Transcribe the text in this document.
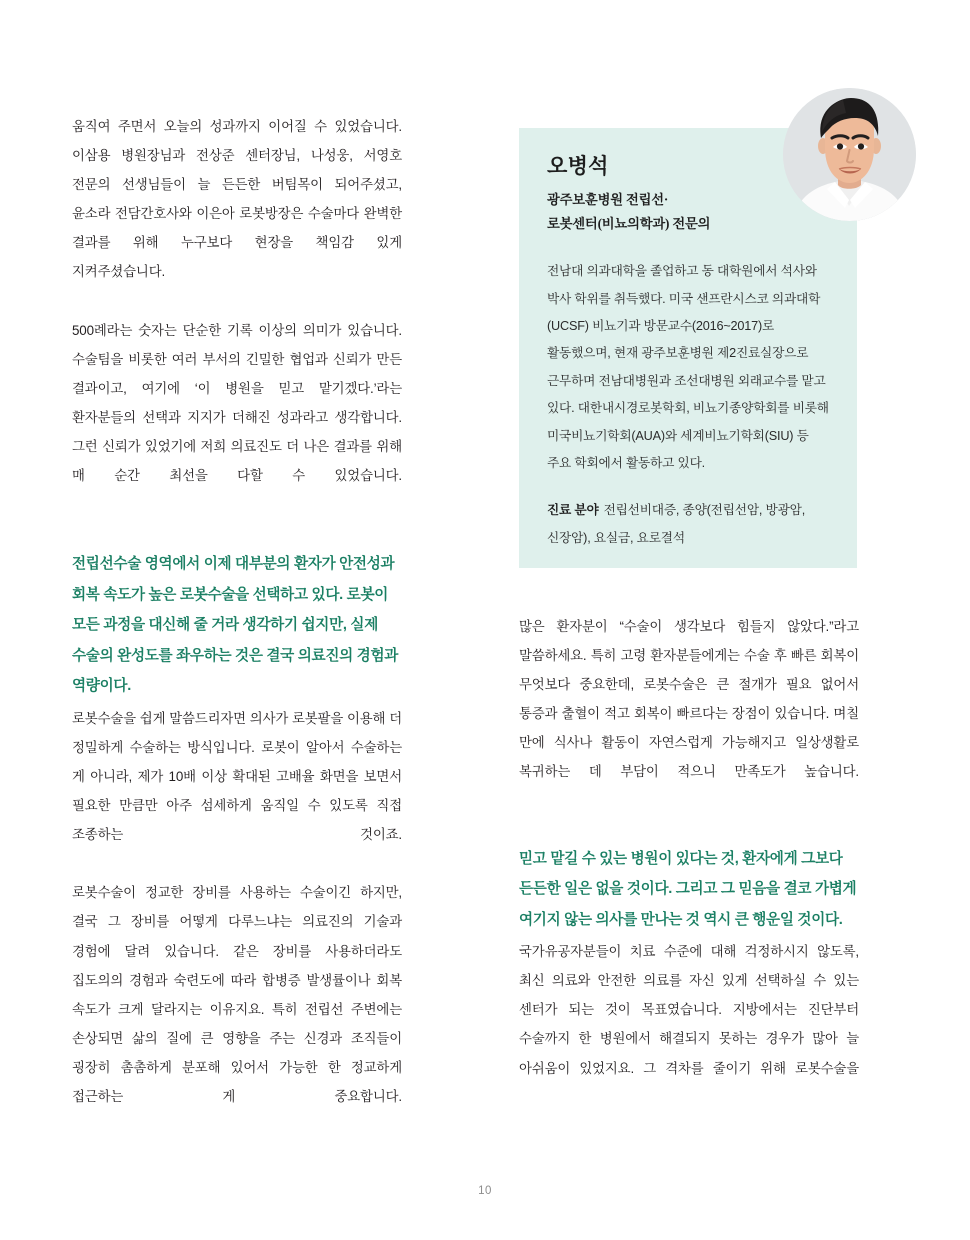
움직여 주면서 오늘의 성과까지 이어질 수 있었습니다. 이삼용 병원장님과 전상준 센터장님, 나성웅, 서영호 전문의 선생님들이 늘 든든한 버팀목이 되어주셨고, 윤소라 전담간호사와 이은아 로봇방장은 수술마다 완벽한 결과를 위해 누구보다 현장을 책임감 있게 지켜주셨습니다.

500례라는 숫자는 단순한 기록 이상의 의미가 있습니다. 수술팀을 비롯한 여러 부서의 긴밀한 협업과 신뢰가 만든 결과이고, 여기에 ‘이 병원을 믿고 맡기겠다.’라는 환자분들의 선택과 지지가 더해진 성과라고 생각합니다. 그런 신뢰가 있었기에 저희 의료진도 더 나은 결과를 위해 매 순간 최선을 다할 수 있었습니다.

전립선수술 영역에서 이제 대부분의 환자가 안전성과 회복 속도가 높은 로봇수술을 선택하고 있다. 로봇이 모든 과정을 대신해 줄 거라 생각하기 쉽지만, 실제 수술의 완성도를 좌우하는 것은 결국 의료진의 경험과 역량이다.

로봇수술을 쉽게 말씀드리자면 의사가 로봇팔을 이용해 더 정밀하게 수술하는 방식입니다. 로봇이 알아서 수술하는 게 아니라, 제가 10배 이상 확대된 고배율 화면을 보면서 필요한 만큼만 아주 섬세하게 움직일 수 있도록 직접 조종하는 것이죠.

로봇수술이 정교한 장비를 사용하는 수술이긴 하지만, 결국 그 장비를 어떻게 다루느냐는 의료진의 기술과 경험에 달려 있습니다. 같은 장비를 사용하더라도 집도의의 경험과 숙련도에 따라 합병증 발생률이나 회복 속도가 크게 달라지는 이유지요. 특히 전립선 주변에는 손상되면 삶의 질에 큰 영향을 주는 신경과 조직들이 굉장히 촘촘하게 분포해 있어서 가능한 한 정교하게 접근하는 게 중요합니다.

오병석
광주보훈병원 전립선·
로봇센터(비뇨의학과) 전문의

전남대 의과대학을 졸업하고 동 대학원에서 석사와 박사 학위를 취득했다. 미국 샌프란시스코 의과대학(UCSF) 비뇨기과 방문교수(2016~2017)로 활동했으며, 현재 광주보훈병원 제2진료실장으로 근무하며 전남대병원과 조선대병원 외래교수를 맡고 있다. 대한내시경로봇학회, 비뇨기종양학회를 비롯해 미국비뇨기학회(AUA)와 세계비뇨기학회(SIU) 등 주요 학회에서 활동하고 있다.

진료 분야 전립선비대증, 종양(전립선암, 방광암, 신장암), 요실금, 요로결석

많은 환자분이 “수술이 생각보다 힘들지 않았다.”라고 말씀하세요. 특히 고령 환자분들에게는 수술 후 빠른 회복이 무엇보다 중요한데, 로봇수술은 큰 절개가 필요 없어서 통증과 출혈이 적고 회복이 빠르다는 장점이 있습니다. 며칠 만에 식사나 활동이 자연스럽게 가능해지고 일상생활로 복귀하는 데 부담이 적으니 만족도가 높습니다.

믿고 맡길 수 있는 병원이 있다는 것, 환자에게 그보다 든든한 일은 없을 것이다. 그리고 그 믿음을 결코 가볍게 여기지 않는 의사를 만나는 것 역시 큰 행운일 것이다.

국가유공자분들이 치료 수준에 대해 걱정하시지 않도록, 최신 의료와 안전한 의료를 자신 있게 선택하실 수 있는 센터가 되는 것이 목표였습니다. 지방에서는 진단부터 수술까지 한 병원에서 해결되지 못하는 경우가 많아 늘 아쉬움이 있었지요. 그 격차를 줄이기 위해 로봇수술을

10
